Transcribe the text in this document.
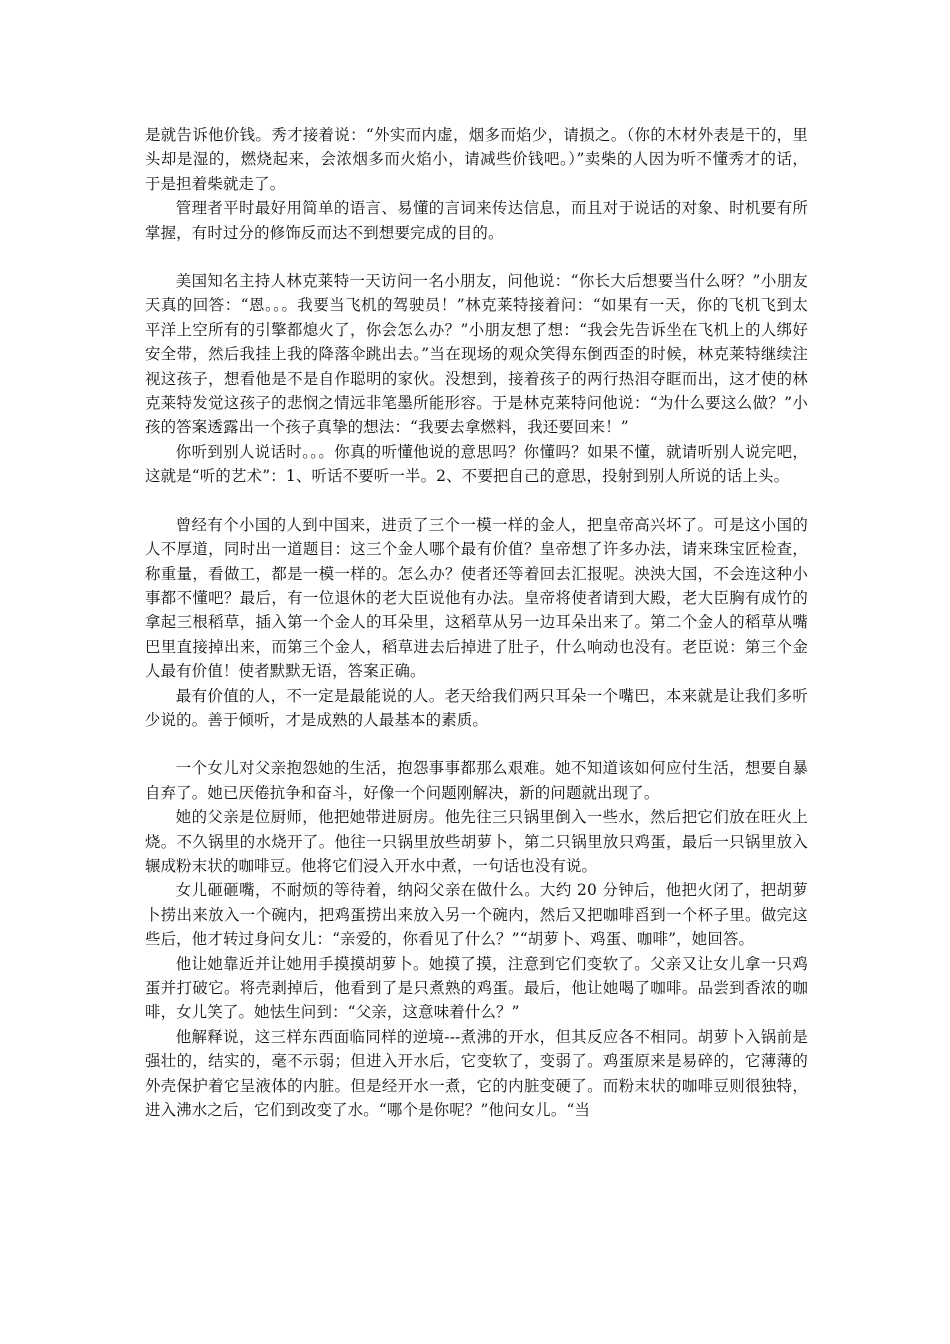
是就告诉他价钱。秀才接着说：“外实而内虚，烟多而焰少，请损之。（你的木材外表是干的，里头却是湿的，燃烧起来，会浓烟多而火焰小，请减些价钱吧。）”卖柴的人因为听不懂秀才的话，于是担着柴就走了。

管理者平时最好用简单的语言、易懂的言词来传达信息，而且对于说话的对象、时机要有所掌握，有时过分的修饰反而达不到想要完成的目的。

美国知名主持人林克莱特一天访问一名小朋友，问他说：“你长大后想要当什么呀？”小朋友天真的回答：“恩。。。我要当飞机的驾驶员！”林克莱特接着问：“如果有一天，你的飞机飞到太平洋上空所有的引擎都熄火了，你会怎么办？”小朋友想了想：“我会先告诉坐在飞机上的人绑好安全带，然后我挂上我的降落伞跳出去。”当在现场的观众笑得东倒西歪的时候，林克莱特继续注视这孩子，想看他是不是自作聪明的家伙。没想到，接着孩子的两行热泪夺眶而出，这才使的林克莱特发觉这孩子的悲悯之情远非笔墨所能形容。于是林克莱特问他说：“为什么要这么做？”小孩的答案透露出一个孩子真挚的想法：“我要去拿燃料，我还要回来！”

你听到别人说话时。。。你真的听懂他说的意思吗？你懂吗？如果不懂，就请听别人说完吧，这就是“听的艺术”：1、听话不要听一半。2、不要把自己的意思，投射到别人所说的话上头。

曾经有个小国的人到中国来，进贡了三个一模一样的金人，把皇帝高兴坏了。可是这小国的人不厚道，同时出一道题目：这三个金人哪个最有价值？皇帝想了许多办法，请来珠宝匠检查，称重量，看做工，都是一模一样的。怎么办？使者还等着回去汇报呢。泱泱大国，不会连这种小事都不懂吧？最后，有一位退休的老大臣说他有办法。皇帝将使者请到大殿，老大臣胸有成竹的拿起三根稻草，插入第一个金人的耳朵里，这稻草从另一边耳朵出来了。第二个金人的稻草从嘴巴里直接掉出来，而第三个金人，稻草进去后掉进了肚子，什么响动也没有。老臣说：第三个金人最有价值！使者默默无语，答案正确。

最有价值的人，不一定是最能说的人。老天给我们两只耳朵一个嘴巴，本来就是让我们多听少说的。善于倾听，才是成熟的人最基本的素质。

一个女儿对父亲抱怨她的生活，抱怨事事都那么艰难。她不知道该如何应付生活，想要自暴自弃了。她已厌倦抗争和奋斗，好像一个问题刚解决，新的问题就出现了。

她的父亲是位厨师，他把她带进厨房。他先往三只锅里倒入一些水，然后把它们放在旺火上烧。不久锅里的水烧开了。他往一只锅里放些胡萝卜，第二只锅里放只鸡蛋，最后一只锅里放入辗成粉末状的咖啡豆。他将它们浸入开水中煮，一句话也没有说。

女儿砸砸嘴，不耐烦的等待着，纳闷父亲在做什么。大约 20 分钟后，他把火闭了，把胡萝卜捞出来放入一个碗内，把鸡蛋捞出来放入另一个碗内，然后又把咖啡舀到一个杯子里。做完这些后，他才转过身问女儿：“亲爱的，你看见了什么？”“胡萝卜、鸡蛋、咖啡”，她回答。

他让她靠近并让她用手摸摸胡萝卜。她摸了摸，注意到它们变软了。父亲又让女儿拿一只鸡蛋并打破它。将壳剥掉后，他看到了是只煮熟的鸡蛋。最后，他让她喝了咖啡。品尝到香浓的咖啡，女儿笑了。她怯生问到：“父亲，这意味着什么？”

他解释说，这三样东西面临同样的逆境---煮沸的开水，但其反应各不相同。胡萝卜入锅前是强壮的，结实的，毫不示弱；但进入开水后，它变软了，变弱了。鸡蛋原来是易碎的，它薄薄的外壳保护着它呈液体的内脏。但是经开水一煮，它的内脏变硬了。而粉末状的咖啡豆则很独特，进入沸水之后，它们到改变了水。“哪个是你呢？”他问女儿。“当
